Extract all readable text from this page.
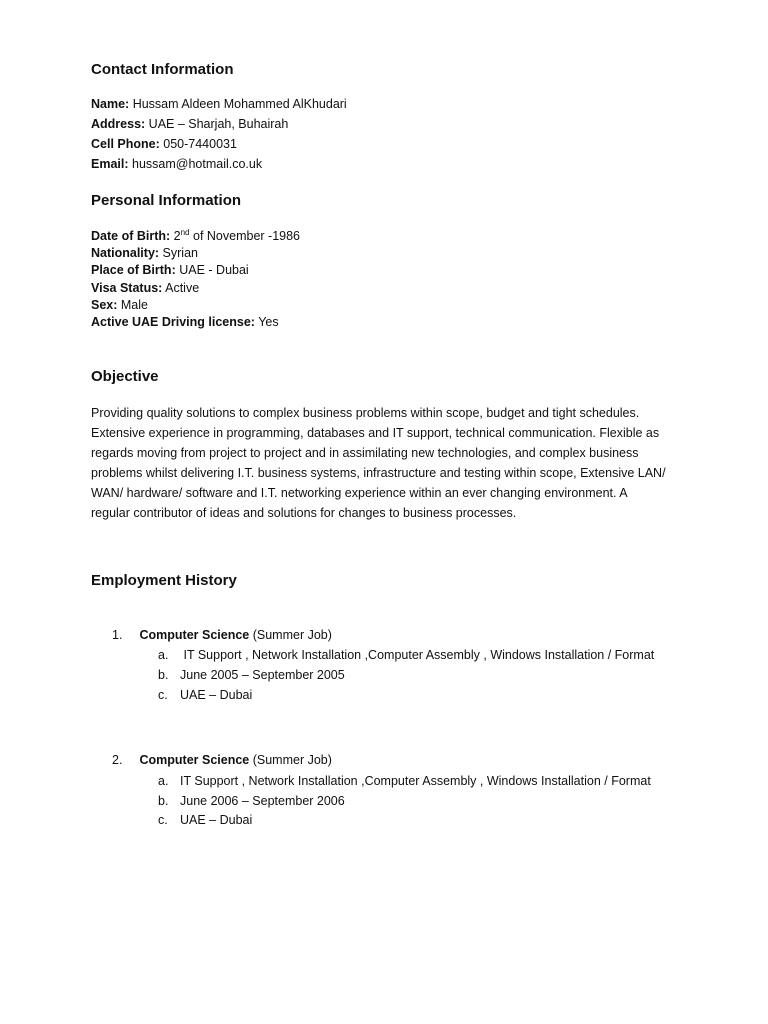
Contact Information
Name: Hussam Aldeen Mohammed AlKhudari
Address: UAE – Sharjah, Buhairah
Cell Phone: 050-7440031
Email: hussam@hotmail.co.uk
Personal Information
Date of Birth: 2nd of November -1986
Nationality: Syrian
Place of Birth: UAE - Dubai
Visa Status: Active
Sex: Male
Active UAE Driving license: Yes
Objective
Providing quality solutions to complex business problems within scope, budget and tight schedules.
Extensive experience in programming, databases and IT support, technical communication. Flexible as
regards moving from project to project and in assimilating new technologies, and complex business
problems whilst delivering I.T. business systems, infrastructure and testing within scope, Extensive LAN/
WAN/ hardware/ software and I.T. networking experience within an ever changing environment. A
regular contributor of ideas and solutions for changes to business processes.
Employment History
1. Computer Science (Summer Job)
a. IT Support , Network Installation ,Computer Assembly , Windows Installation / Format
b. June 2005 – September 2005
c. UAE – Dubai
2. Computer Science (Summer Job)
a. IT Support , Network Installation ,Computer Assembly , Windows Installation / Format
b. June 2006 – September 2006
c. UAE – Dubai
